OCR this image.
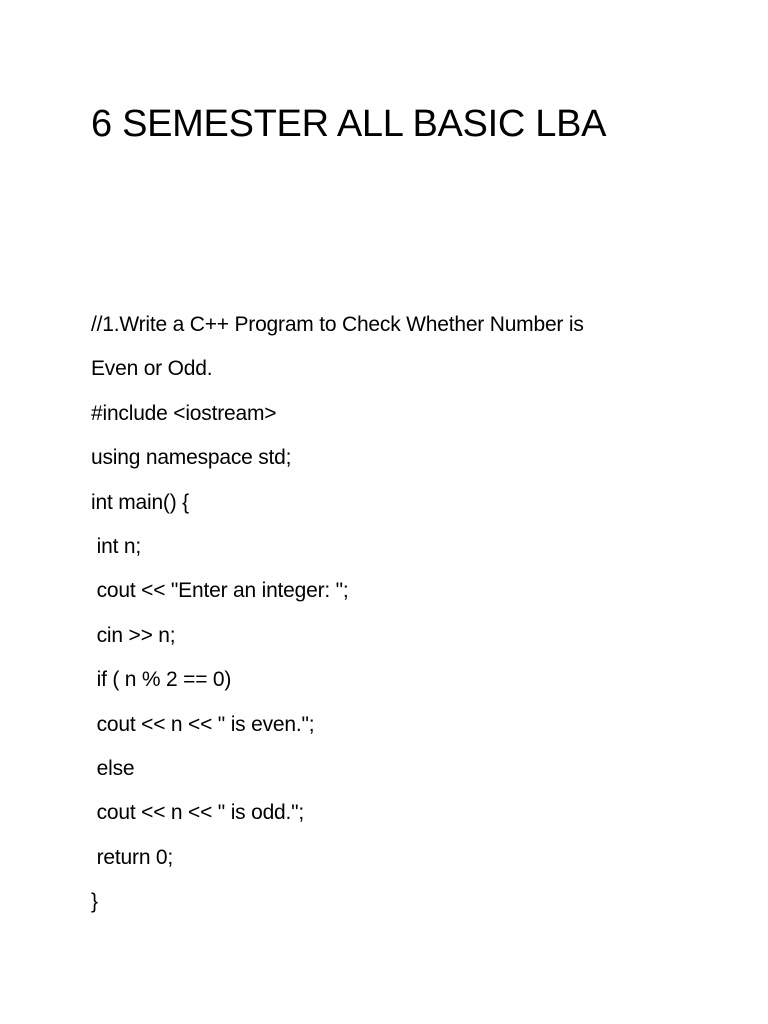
6 SEMESTER ALL BASIC LBA
//1.Write a C++ Program to Check Whether Number is
Even or Odd.
#include <iostream>
using namespace std;
int main() {
int n;
cout << "Enter an integer: ";
cin >> n;
if ( n % 2 == 0)
cout << n << " is even.";
else
cout << n << " is odd.";
return 0;
}
